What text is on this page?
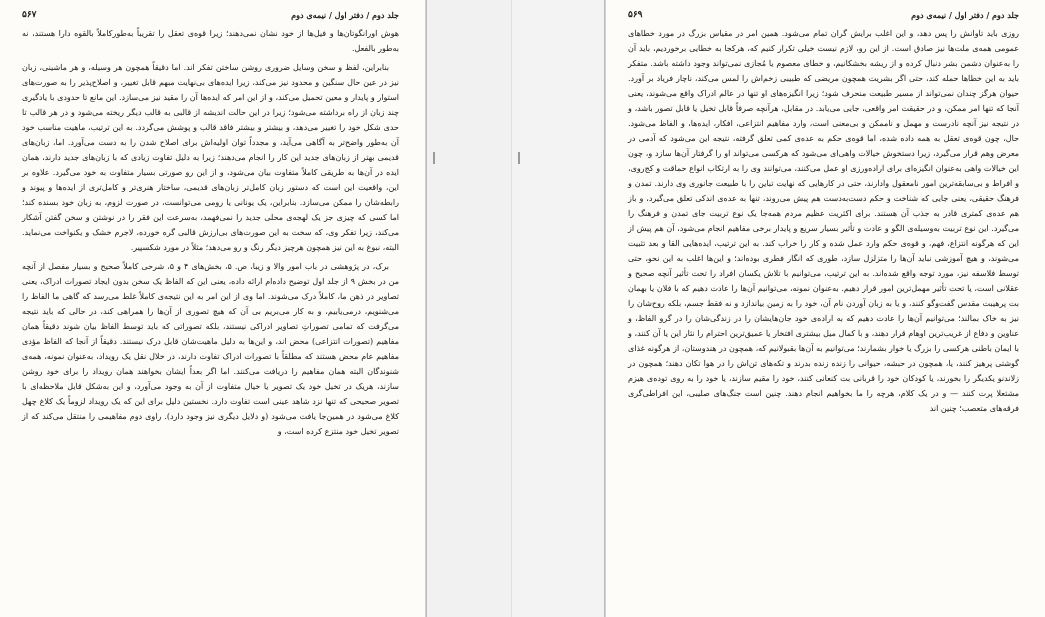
جلد دوم / دفتر اول / نیمه‌ی دوم
۵۶۷

هوش اورانگوتان‌ها و فیل‌ها از خود نشان نمی‌دهند؛ زیرا قوه‌ی تعقل را تقریباً به‌طورکاملاً بالقوه دارا هستند، نه به‌طور بالفعل.

بنابراین، لفظ و سخن وسایل ضروری روشن ساختن تفکر اند. اما دقیقاً همچون هر وسیله، و هر ماشینی، زبان نیز در عین حال سنگین و محدود نیز می‌کند، زیرا ایده‌های بی‌نهایت مبهم قابل تغییر، و اصلاح‌پذیر را به صورت‌های استوار و پایدار و معین تحمیل می‌کند، و از این امر که ایده‌ها آن را مقید نیز می‌سازد. این مانع تا حدودی با یادگیری چند زبان از راه برداشته می‌شود؛ زیرا در این حالت اندیشه از قالبی به قالب دیگر ریخته می‌شود و در هر قالب تا حدی شکل خود را تغییر می‌دهد، و بیشتر و بیشتر فاقد قالب و پوشش می‌گردد. به این ترتیب، ماهیت مناسب خود آن به‌طور واضح‌تر به آگاهی می‌آید، و مجدداً توان اولیه‌اش برای اصلاح شدن را به دست می‌آورد. اما، زبان‌های قدیمی بهتر از زبان‌های جدید این کار را انجام می‌دهند؛ زیرا به دلیل تفاوت زیادی که با زبان‌های جدید دارند، همان ایده در آن‌ها به طریقی کاملاً متفاوت بیان می‌شود، و از این رو صورتی بسیار متفاوت به خود می‌گیرد. علاوه بر این، واقعیت این است که دستور زبان کامل‌تر زبان‌های قدیمی، ساختار هنری‌تر و کامل‌تری از ایده‌ها و پیوند و رابطه‌شان را ممکن می‌سازد. بنابراین، یک یونانی یا رومی می‌توانست، در صورت لزوم، به زبان خود بسنده کند؛ اما کسی که چیزی جز یک لهجه‌ی محلی جدید را نمی‌فهمد، به‌سرعت این فقر را در نوشتن و سخن گفتن آشکار می‌کند، زیرا تفکر وی، که سخت به این صورت‌های بی‌ارزش قالبی گره خورده، لاجرم خشک و یکنواخت می‌نماید. البته، نبوغ به این نیز همچون هرچیز دیگر رنگ و رو می‌دهد؛ مثلاً در مورد شکسپیر.

برک، در پژوهشی در باب امور والا و زیبا، ص. ۵، بخش‌های ۴ و ۵، شرحی کاملاً صحیح و بسیار مفصل از آنچه من در بخش ۹ از جلد اول توضیح داده‌ام ارائه داده، یعنی این که الفاظ یک سخن بدون ایجاد تصورات ادراک، یعنی تصاویر در ذهن ما، کاملاً درک می‌شوند. اما وی از این امر به این نتیجه‌ی کاملاً غلط می‌رسد که گاهی ما الفاظ را می‌شنویم، درمی‌یابیم، و به کار می‌بریم بی آن که هیچ تصوری از آن‌ها را همراهی کند، در حالی که باید نتیجه می‌گرفت که تمامی تصوراتِ تصاویر ادراکی نیستند، بلکه تصوراتی که باید توسط الفاظ بیان شوند دقیقاً همان مفاهیم (تصورات انتزاعی) محض اند، و این‌ها به دلیل ماهیت‌شان قابل درک نیستند. دقیقاً از آنجا که الفاظ مؤدی مفاهیم عام محض هستند که مطلقاً با تصورات ادراک تفاوت دارند، در خلال نقل یک رویداد، به‌عنوان نمونه، همه‌ی شنوندگان البته همان مفاهیم را دریافت می‌کنند. اما اگر بعداً ایشان بخواهند همان رویداد را برای خود روشن سازند، هریک در تخیل خود یک تصویر یا خیال متفاوت از آن به وجود می‌آورد، و این به‌شکل قابل ملاحظه‌ای با تصویر صحیحی که تنها نزد شاهد عینی است تفاوت دارد. نخستین دلیل برای این که یک رویداد لزوماً یک کلاغ چهل کلاغ می‌شود در همین‌جا یافت می‌شود (و دلایل دیگری نیز وجود دارد). راوی دوم مفاهیمی را منتقل می‌کند که از تصویر تخیل خود منتزع کرده است، و

جلد دوم / دفتر اول / نیمه‌ی دوم
۵۶۹

روزی باید تاوانش را پس دهد، و این اغلب برایش گران تمام می‌شود. همین امر در مقیاس بزرگ در مورد خطاهای عمومی همه‌ی ملت‌ها نیز صادق است. از این رو، لازم نیست خیلی تکرار کنیم که، هرکجا به خطایی برخوردیم، باید آن را به‌عنوان دشمن بشر دنبال کرده و از ریشه بخشکانیم، و خطای معصوم یا مُجازی نمی‌تواند وجود داشته باشد. متفکر باید به این خطاها حمله کند، حتی اگر بشریت همچون مریضی که طبیبی زخم‌اش را لمس می‌کند، ناچار فریاد بر آورد. حیوان هرگز چندان نمی‌تواند از مسیر طبیعت منحرف شود؛ زیرا انگیزه‌های او تنها در عالم ادراک واقع می‌شوند، یعنی آنجا که تنها امر ممکن، و در حقیقت امر واقعی، جایی می‌یابد. در مقابل، هرآنچه صرفاً قابل تخیل یا قابل تصور باشد، و در نتیجه نیز آنچه نادرست و مهمل و ناممکن و بی‌معنی است، وارد مفاهیم انتزاعی، افکار، ایده‌ها، و الفاظ می‌شود. حال، چون قوه‌ی تعقل به همه داده شده، اما قوه‌ی حکم به عده‌ی کمی تعلق گرفته، نتیجه این می‌شود که آدمی در معرض وهم قرار می‌گیرد، زیرا دستخوش خیالات واهی‌ای می‌شود که هرکسی می‌تواند او را گرفتار آن‌ها سازد و، چون این خیالات واهی به‌عنوان انگیزه‌ای برای اراده‌ورزی او عمل می‌کنند، می‌توانند وی را به ارتکاب انواع حماقت و کج‌روی، و افراط و بی‌سابقه‌ترین امور نامعقول وادارند، حتی در کارهایی که نهایت تباین را با طبیعت جانوری وی دارند. تمدن و فرهنگ حقیقی، یعنی جایی که شناخت و حکم دست‌به‌دست هم پیش می‌روند، تنها به عده‌ی اندکی تعلق می‌گیرد، و باز هم عده‌ی کمتری قادر به جذب آن هستند. برای اکثریت عظیم مردم همه‌جا یک نوع تربیت جای تمدن و فرهنگ را می‌گیرد. این نوع تربیت به‌وسیله‌ی الگو و عادت و تأثیر بسیار سریع و پایدار برخی مفاهیم انجام می‌شود، آن هم پیش از این که هرگونه انتزاع، فهم، و قوه‌ی حکم وارد عمل شده و کار را خراب کند. به این ترتیب، ایده‌هایی القا و بعد تثبیت می‌شوند، و هیچ آموزشی نباید آن‌ها را متزلزل سازد، طوری که انگار فطری بوده‌اند؛ و این‌ها اغلب به این نحو، حتی توسط فلاسفه نیز، مورد توجه واقع شده‌اند. به این ترتیب، می‌توانیم با تلاش یکسان افراد را تحت تأثیر آنچه صحیح و عقلانی است، یا تحت تأثیر مهمل‌ترین امور قرار دهیم. به‌عنوان نمونه، می‌توانیم آن‌ها را عادت دهیم که با فلان یا بهمان بت پرهیبت مقدس گفت‌وگو کنند، و یا به زبان آوردن نام آن، خود را به زمین بیاندازد و نه فقط جسم، بلکه روح‌شان را نیز به خاک بمالند؛ می‌توانیم آن‌ها را عادت دهیم که به اراده‌ی خود جان‌هایشان را در زندگی‌شان را در گرو الفاظ، و عناوین و دفاع از غریب‌ترین اوهام قرار دهند، و با کمال میل بیشتری افتخار یا عمیق‌ترین احترام را نثار این یا آن کنند، و با ایمان باطنی هرکسی را بزرگ یا خوار بشمارند؛ می‌توانیم به آن‌ها بقبولانیم که، همچون در هندوستان، از هرگونه غذای گوشتی پرهیز کنند، یا، همچون در حبشه، حیوانی را زنده زنده بدرند و تکه‌های تن‌اش را در هوا تکان دهند؛ همچون در زلاندنو یکدیگر را بخورند، یا کودکان خود را قربانی بت کنعانی کنند، خود را مقیم سازند، یا خود را به روی توده‌ی هیزم مشتعلا پرت کنند — و در یک کلام، هرچه را ما بخواهیم انجام دهند. چنین است جنگ‌های صلیبی، این افراطی‌گری فرقه‌های متعصب؛ چنین اند
